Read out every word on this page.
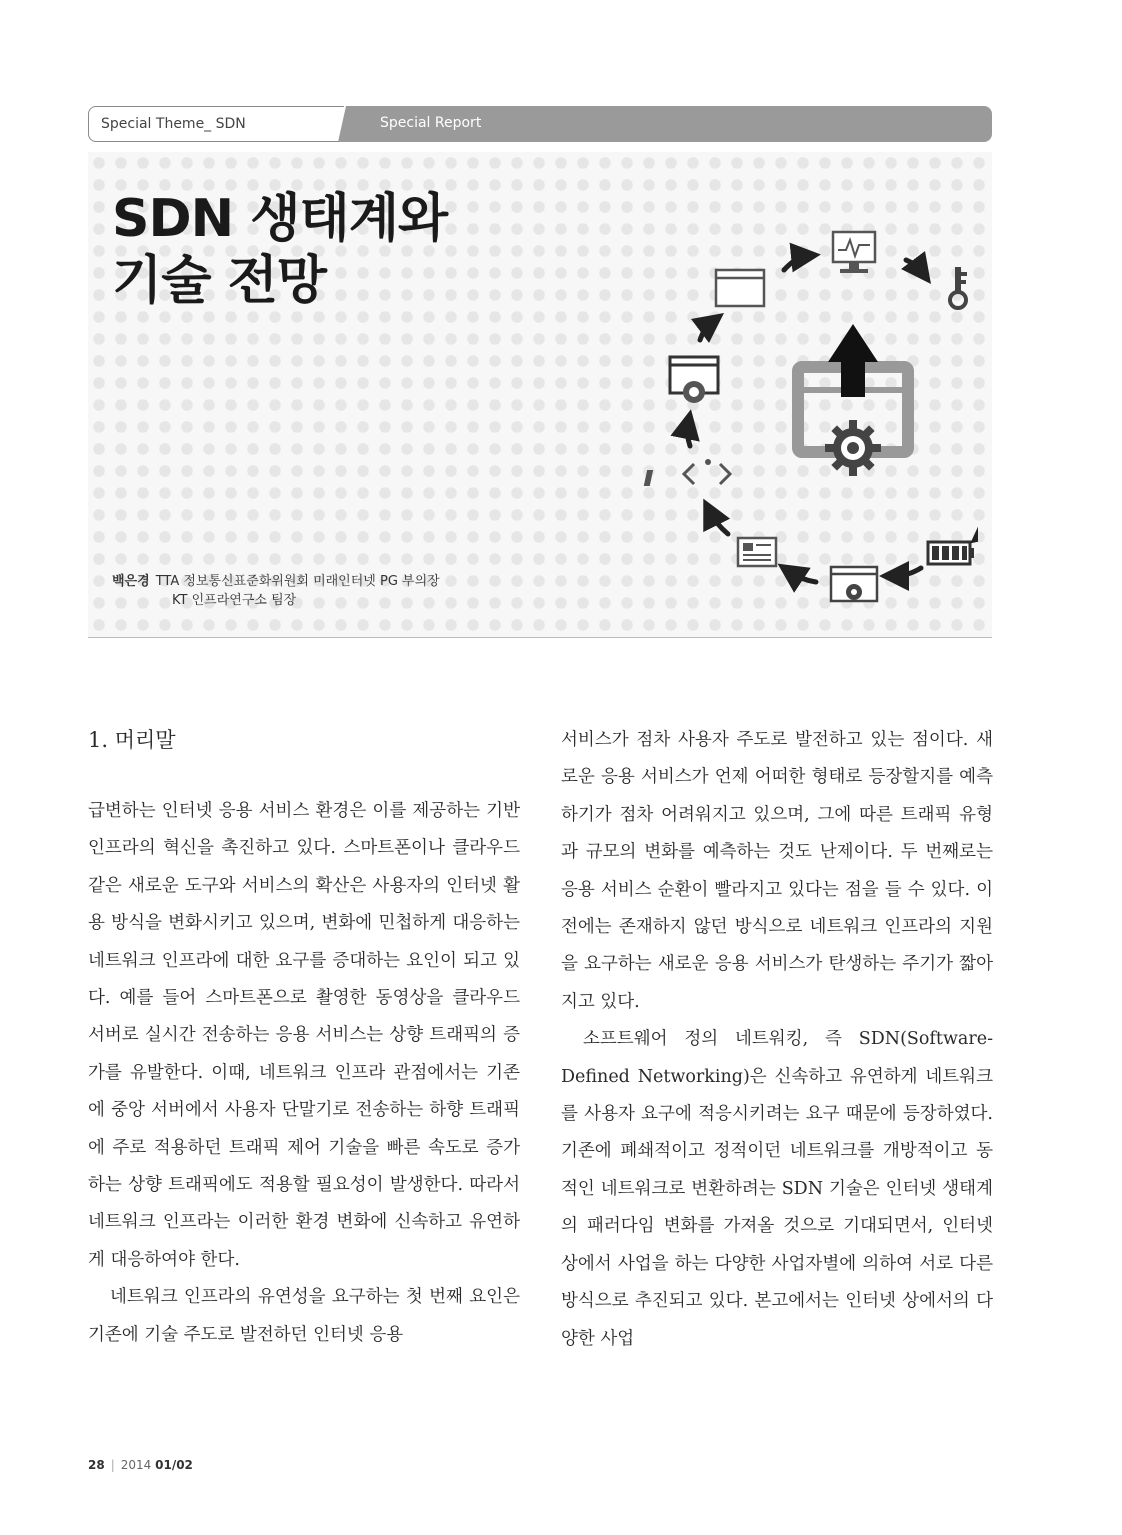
Special Theme_ SDN	Special Report
SDN 생태계와
기술 전망
백은경 TTA 정보통신표준화위원회 미래인터넷 PG 부의장
KT 인프라연구소 팀장

1. 머리말

급변하는 인터넷 응용 서비스 환경은 이를 제공하는 기반 인프라의 혁신을 촉진하고 있다. 스마트폰이나 클라우드 같은 새로운 도구와 서비스의 확산은 사용자의 인터넷 활용 방식을 변화시키고 있으며, 변화에 민첩하게 대응하는 네트워크 인프라에 대한 요구를 증대하는 요인이 되고 있다. 예를 들어 스마트폰으로 촬영한 동영상을 클라우드 서버로 실시간 전송하는 응용 서비스는 상향 트래픽의 증가를 유발한다. 이때, 네트워크 인프라 관점에서는 기존에 중앙 서버에서 사용자 단말기로 전송하는 하향 트래픽에 주로 적용하던 트래픽 제어 기술을 빠른 속도로 증가하는 상향 트래픽에도 적용할 필요성이 발생한다. 따라서 네트워크 인프라는 이러한 환경 변화에 신속하고 유연하게 대응하여야 한다.

네트워크 인프라의 유연성을 요구하는 첫 번째 요인은 기존에 기술 주도로 발전하던 인터넷 응용

서비스가 점차 사용자 주도로 발전하고 있는 점이다. 새로운 응용 서비스가 언제 어떠한 형태로 등장할지를 예측하기가 점차 어려워지고 있으며, 그에 따른 트래픽 유형과 규모의 변화를 예측하는 것도 난제이다. 두 번째로는 응용 서비스 순환이 빨라지고 있다는 점을 들 수 있다. 이전에는 존재하지 않던 방식으로 네트워크 인프라의 지원을 요구하는 새로운 응용 서비스가 탄생하는 주기가 짧아지고 있다.

소프트웨어 정의 네트워킹, 즉 SDN(Software-Defined Networking)은 신속하고 유연하게 네트워크를 사용자 요구에 적응시키려는 요구 때문에 등장하였다. 기존에 폐쇄적이고 정적이던 네트워크를 개방적이고 동적인 네트워크로 변환하려는 SDN 기술은 인터넷 생태계의 패러다임 변화를 가져올 것으로 기대되면서, 인터넷 상에서 사업을 하는 다양한 사업자별에 의하여 서로 다른 방식으로 추진되고 있다. 본고에서는 인터넷 상에서의 다양한 사업

28 | 2014 01/02
